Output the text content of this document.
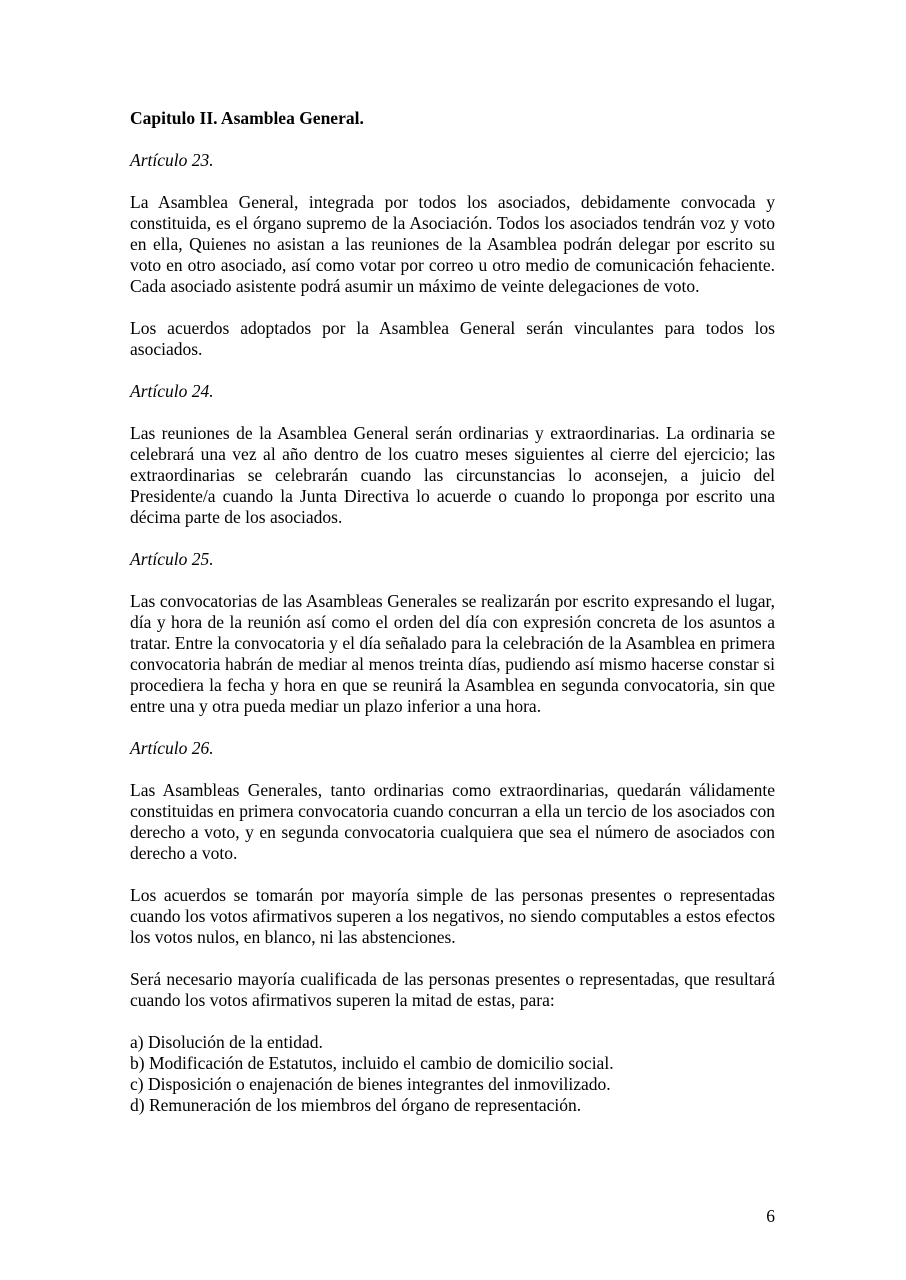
Capitulo II. Asamblea General.

Artículo 23.

La Asamblea General, integrada por todos los asociados, debidamente convocada y constituida, es el órgano supremo de la Asociación. Todos los asociados tendrán voz y voto en ella, Quienes no asistan a las reuniones de la Asamblea podrán delegar por escrito su voto en otro asociado, así como votar por correo u otro medio de comunicación fehaciente. Cada asociado asistente podrá asumir un máximo de veinte delegaciones de voto.

Los acuerdos adoptados por la Asamblea General serán vinculantes para todos los asociados.

Artículo 24.

Las reuniones de la Asamblea General serán ordinarias y extraordinarias. La ordinaria se celebrará una vez al año dentro de los cuatro meses siguientes al cierre del ejercicio; las extraordinarias se celebrarán cuando las circunstancias lo aconsejen, a juicio del Presidente/a cuando la Junta Directiva lo acuerde o cuando lo proponga por escrito una décima parte de los asociados.

Artículo 25.

Las convocatorias de las Asambleas Generales se realizarán por escrito expresando el lugar, día y hora de la reunión así como el orden del día con expresión concreta de los asuntos a tratar. Entre la convocatoria y el día señalado para la celebración de la Asamblea en primera convocatoria habrán de mediar al menos treinta días, pudiendo así mismo hacerse constar si procediera la fecha y hora en que se reunirá la Asamblea en segunda convocatoria, sin que entre una y otra pueda mediar un plazo inferior a una hora.

Artículo 26.

Las Asambleas Generales, tanto ordinarias como extraordinarias, quedarán válidamente constituidas en primera convocatoria cuando concurran a ella un tercio de los asociados con derecho a voto, y en segunda convocatoria cualquiera que sea el número de asociados con derecho a voto.

Los acuerdos se tomarán por mayoría simple de las personas presentes o representadas cuando los votos afirmativos superen a los negativos, no siendo computables a estos efectos los votos nulos, en blanco, ni las abstenciones.

Será necesario mayoría cualificada de las personas presentes o representadas, que resultará cuando los votos afirmativos superen la mitad de estas, para:

a) Disolución de la entidad.
b) Modificación de Estatutos, incluido el cambio de domicilio social.
c) Disposición o enajenación de bienes integrantes del inmovilizado.
d) Remuneración de los miembros del órgano de representación.
6
